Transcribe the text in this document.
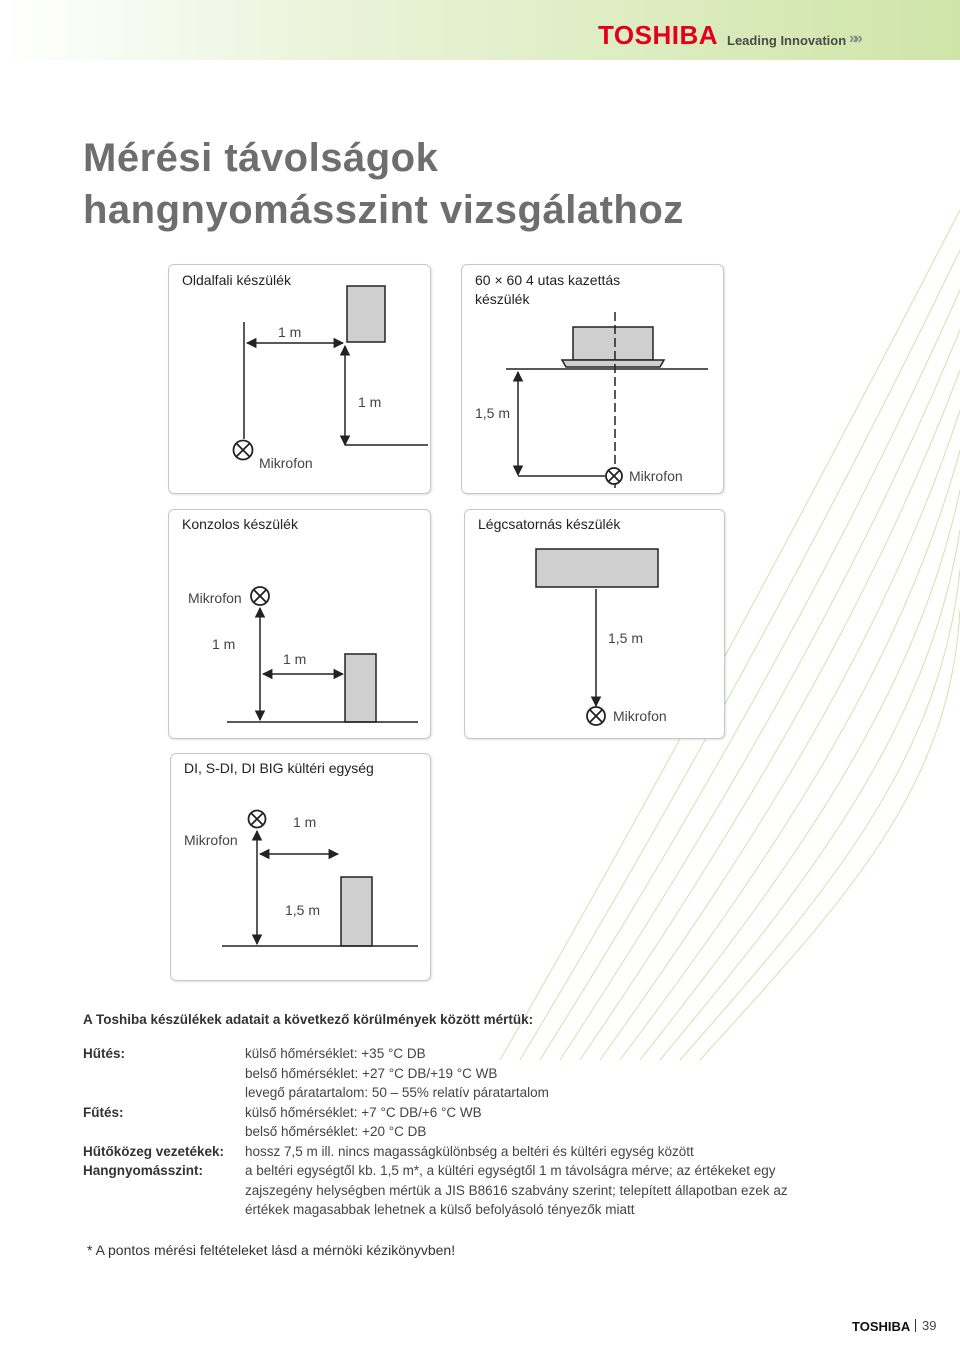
TOSHIBA Leading Innovation »»
Mérési távolságok
hangnyomásszint vizsgálathoz
Oldalfali készülék	60 × 60 4 utas kazettás
készülék
Konzolos készülék	Légcsatornás készülék
DI, S-DI, DI BIG kültéri egység
1 m
1 m
Mikrofon
1,5 m
Mikrofon
Mikrofon
1 m
1 m
1,5 m
Mikrofon
Mikrofon
1 m
1,5 m
A Toshiba készülékek adatait a következő körülmények között mértük:
Hűtés:	külső hőmérséklet: +35 °C DB
belső hőmérséklet: +27 °C DB/+19 °C WB
levegő páratartalom: 50 – 55% relatív páratartalom
Fűtés:	külső hőmérséklet: +7 °C DB/+6 °C WB
belső hőmérséklet: +20 °C DB
Hűtőközeg vezetékek: hossz 7,5 m ill. nincs magasságkülönbség a beltéri és kültéri egység között
Hangnyomásszint:	a beltéri egységtől kb. 1,5 m*, a kültéri egységtől 1 m távolságra mérve; az értékeket egy
zajszegény helységben mértük a JIS B8616 szabvány szerint; telepített állapotban ezek az
értékek magasabbak lehetnek a külső befolyásoló tényezők miatt
* A pontos mérési feltételeket lásd a mérnöki kézikönyvben!
TOSHIBA 39
